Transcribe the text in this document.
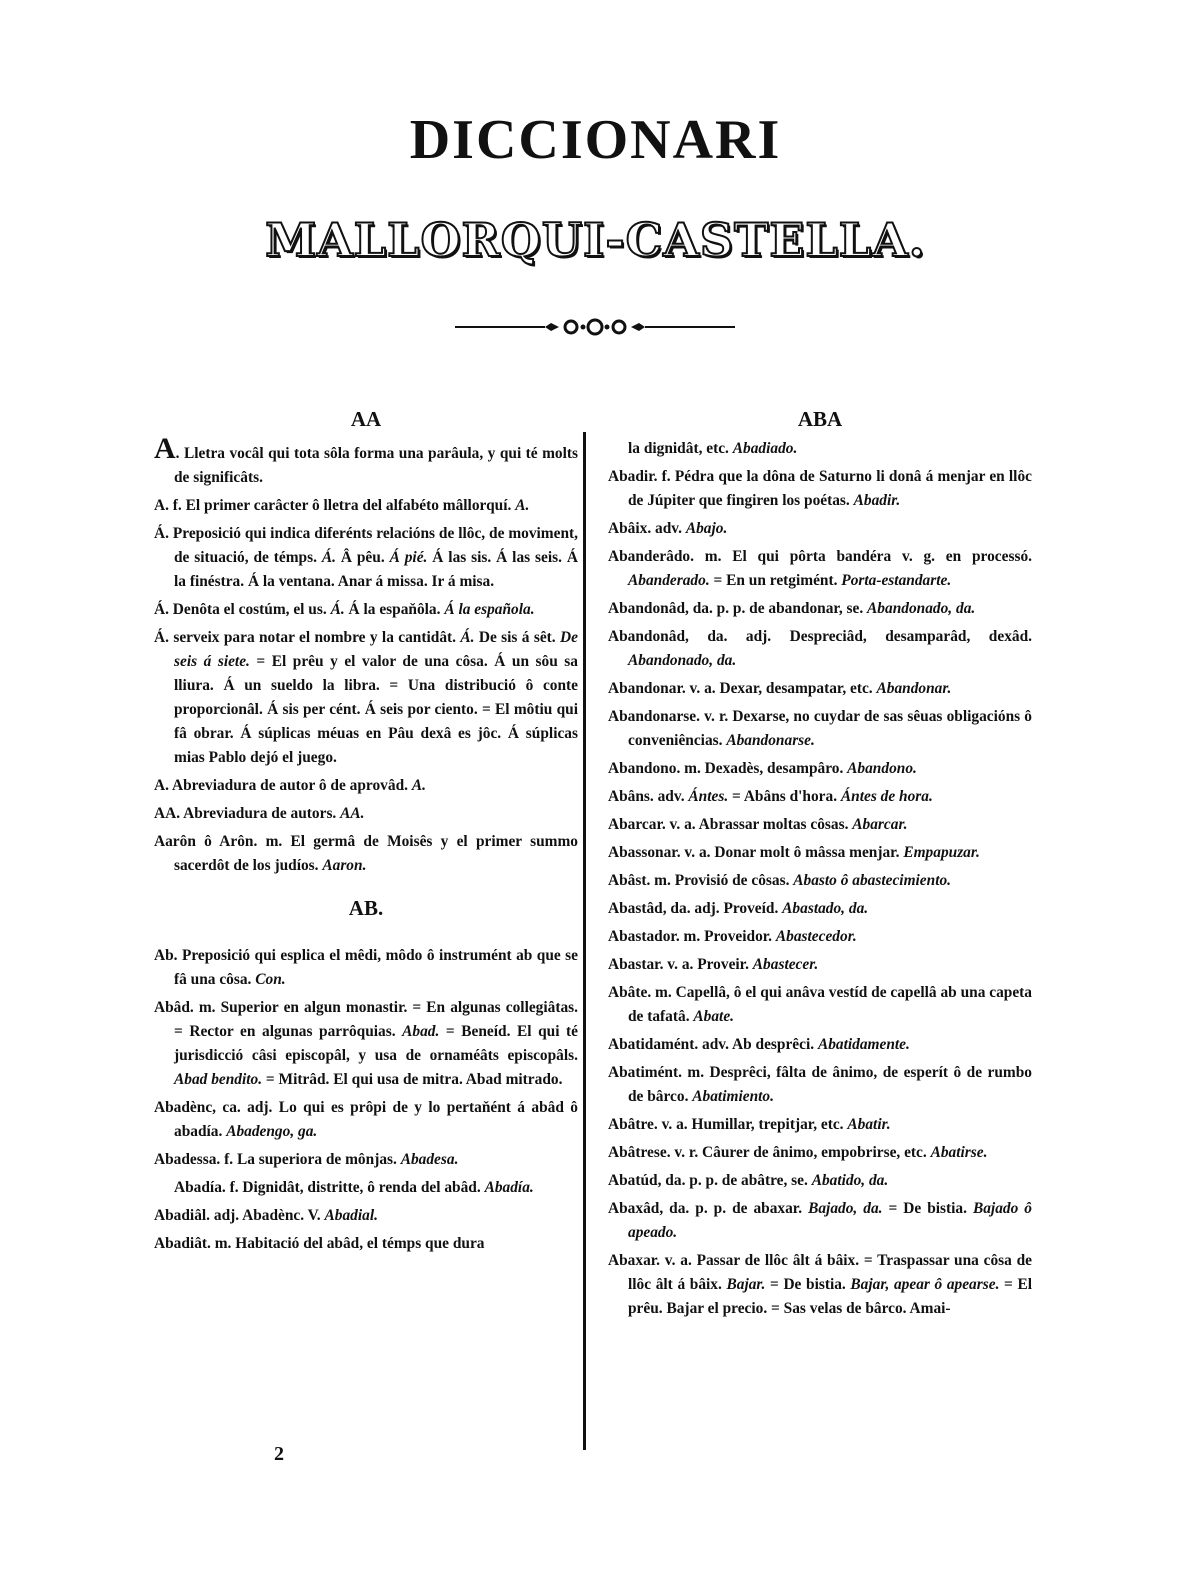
DICCIONARI
MALLORQUI-CASTELLA.
AA

A. Lletra vocâl qui tota sôla forma una parâula, y qui té molts de significâts.

A. f. El primer carâcter ô lletra del alfabéto mâllorquí. A.

Á. Preposició qui indica diferénts relacións de llôc, de moviment, de situació, de témps. Á. Â pêu. Á pié. Á las sis. Á las seis. Á la finéstra. Á la ventana. Anar á missa. Ir á misa.

Á. Denôta el costúm, el us. Á. Á la espaňôla. Á la española.

Á. serveix para notar el nombre y la cantidât. Á. De sis á sêt. De seis á siete. = El prêu y el valor de una côsa. Á un sôu sa lliura. Á un sueldo la libra. = Una distribució ô conte proporcionâl. Á sis per cént. Á seis por ciento. = El môtiu qui fâ obrar. Á súplicas méuas en Pâu dexâ es jôc. Á súplicas mias Pablo dejó el juego.

A. Abreviadura de autor ô de aprovâd. A.

AA. Abreviadura de autors. AA.

Aarôn ô Arôn. m. El germâ de Moisês y el primer summo sacerdôt de los judíos. Aaron.

AB.

Ab. Preposició qui esplica el mêdi, môdo ô instrumént ab que se fâ una côsa. Con.

Abâd. m. Superior en algun monastir. = En algunas collegiâtas. = Rector en algunas parrôquias. Abad. = Beneíd. El qui té jurisdicció câsi episcopâl, y usa de ornaméâts episcopâls. Abad bendito. = Mitrâd. El qui usa de mitra. Abad mitrado.

Abadènc, ca. adj. Lo qui es prôpi de y lo pertaňént á abâd ô abadía. Abadengo, ga.

Abadessa. f. La superiora de mônjas. Abadesa.

Abadía. f. Dignidât, distritte, ô renda del abâd. Abadía.

Abadiâl. adj. Abadènc. V. Abadial.

Abadiât. m. Habitació del abâd, el témps que dura

ABA

la dignidât, etc. Abadiado.

Abadir. f. Pédra que la dôna de Saturno li donâ á menjar en llôc de Júpiter que fingiren los poétas. Abadir.

Abâix. adv. Abajo.

Abanderâdo. m. El qui pôrta bandéra v. g. en processó. Abanderado. = En un retgimént. Porta-estandarte.

Abandonâd, da. p. p. de abandonar, se. Abandonado, da.

Abandonâd, da. adj. Despreciâd, desamparâd, dexâd. Abandonado, da.

Abandonar. v. a. Dexar, desampatar, etc. Abandonar.

Abandonarse. v. r. Dexarse, no cuydar de sas sêuas obligacións ô conveniências. Abandonarse.

Abandono. m. Dexadès, desampâro. Abandono.

Abâns. adv. Ántes. = Abâns d'hora. Ántes de hora.

Abarcar. v. a. Abrassar moltas côsas. Abarcar.

Abassonar. v. a. Donar molt ô mâssa menjar. Empapuzar.

Abâst. m. Provisió de côsas. Abasto ô abastecimiento.

Abastâd, da. adj. Proveíd. Abastado, da.

Abastador. m. Proveidor. Abastecedor.

Abastar. v. a. Proveir. Abastecer.

Abâte. m. Capellâ, ô el qui anâva vestíd de capellâ ab una capeta de tafatâ. Abate.

Abatidamént. adv. Ab desprêci. Abatidamente.

Abatimént. m. Desprêci, fâlta de ânimo, de esperít ô de rumbo de bârco. Abatimiento.

Abâtre. v. a. Humillar, trepitjar, etc. Abatir.

Abâtrese. v. r. Câurer de ânimo, empobrirse, etc. Abatirse.

Abatúd, da. p. p. de abâtre, se. Abatido, da.

Abaxâd, da. p. p. de abaxar. Bajado, da. = De bistia. Bajado ô apeado.

Abaxar. v. a. Passar de llôc âlt á bâix. = Traspassar una côsa de llôc âlt á bâix. Bajar. = De bistia. Bajar, apear ô apearse. = El prêu. Bajar el precio. = Sas velas de bârco. Amai-

2
